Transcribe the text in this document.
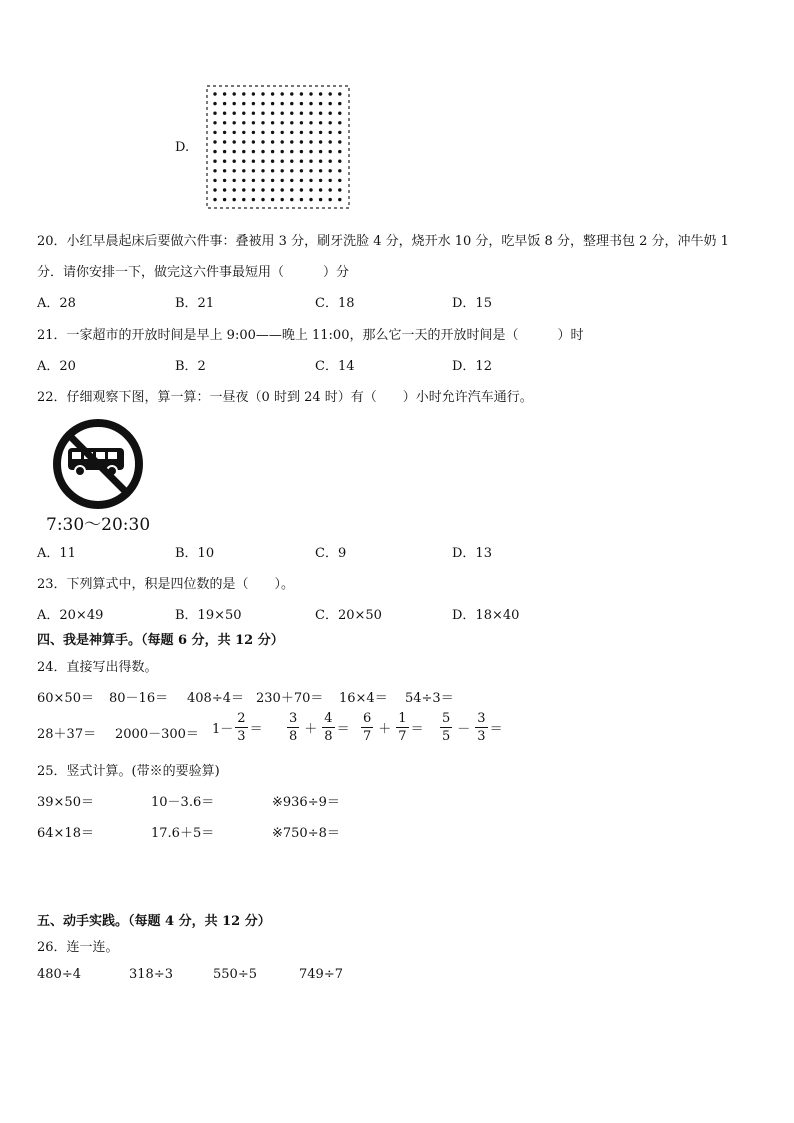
D.
20．小红早晨起床后要做六件事：叠被用 3 分，刷牙洗脸 4 分，烧开水 10 分，吃早饭 8 分，整理书包 2 分，冲牛奶 1
分．请你安排一下，做完这六件事最短用（　　　）分
A．28	B．21	C．18	D．15
21．一家超市的开放时间是早上 9:00——晚上 11:00，那么它一天的开放时间是（　　　）时
A．20	B．2	C．14	D．12
22．仔细观察下图，算一算：一昼夜（0 时到 24 时）有（　　）小时允许汽车通行。
7:30～20:30
A．11	B．10	C．9	D．13
23．下列算式中，积是四位数的是（　　）。
A．20×49	B．19×50	C．20×50	D．18×40
四、我是神算手。（每题 6 分，共 12 分）
24．直接写出得数。
60×50＝ 80－16＝ 408÷4＝ 230＋70＝ 16×4＝ 54÷3＝
$28+37= 2000-300= 1- \frac{2}{3} = \frac{3}{8} + \frac{4}{8} = \frac{6}{7} + \frac{1}{7} = \frac{5}{5} - \frac{3}{3}$ ＝
25．竖式计算。(带※的要验算)
39×50＝	10－3.6＝	※936÷9＝
64×18＝	17.6＋5＝	※750÷8＝
五、动手实践。（每题 4 分，共 12 分）
26．连一连。
480÷4	318÷3	550÷5	749÷7
